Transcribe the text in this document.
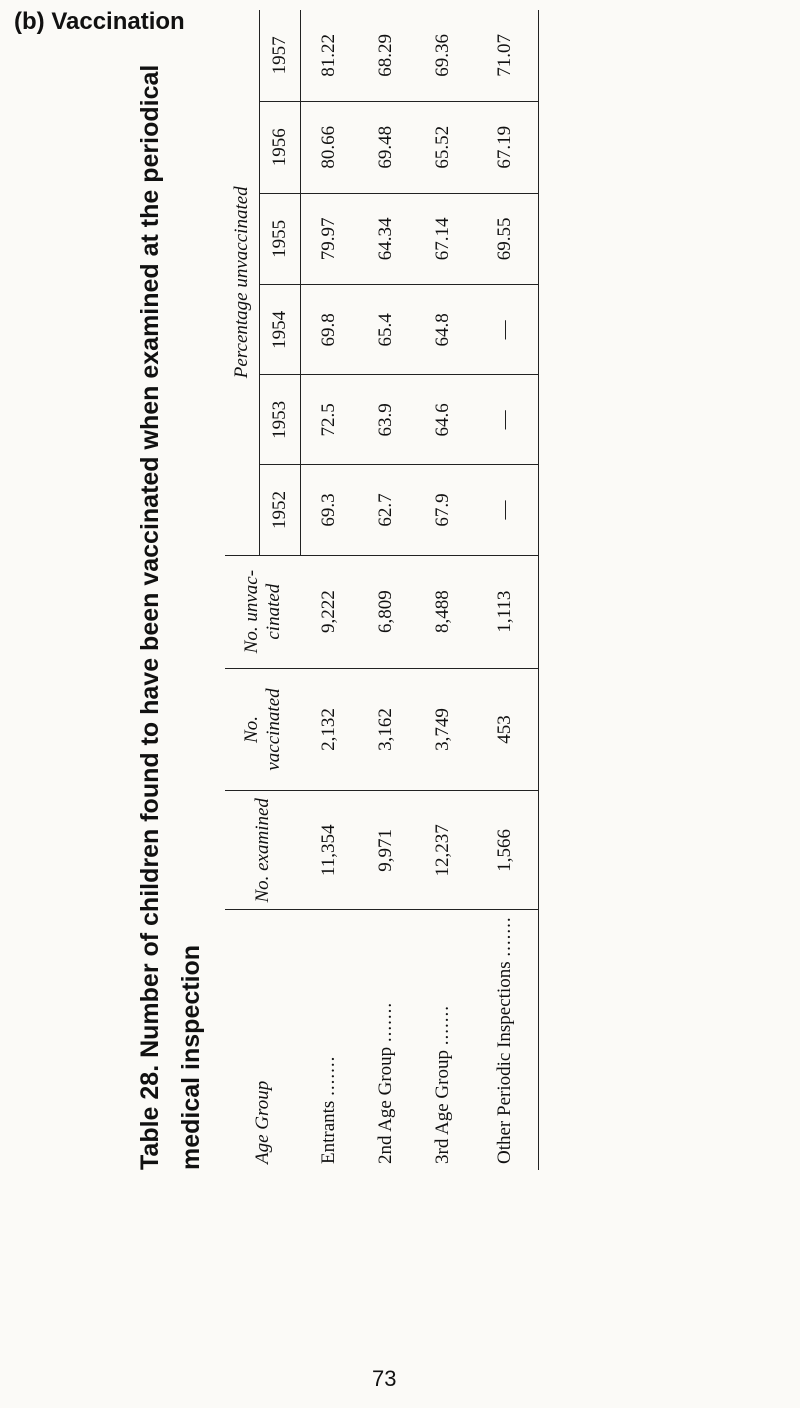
(b) Vaccination
Table 28. Number of children found to have been vaccinated when examined at the periodical medical inspection	Age Group	No. examined	No. vaccinated	No. unvac- cinated	Percentage unvaccinated					
				1952	1953	1954	1955	1956	1957
Entrants .......	11,354	2,132	9,222	69.3	72.5	69.8	79.97	80.66	81.22
2nd Age Group .......	9,971	3,162	6,809	62.7	63.9	65.4	64.34	69.48	68.29
3rd Age Group .......	12,237	3,749	8,488	67.9	64.6	64.8	67.14	65.52	69.36
Other Periodic Inspections .......	1,566	453	1,113	—	—	—	69.55	67.19	71.07
73
